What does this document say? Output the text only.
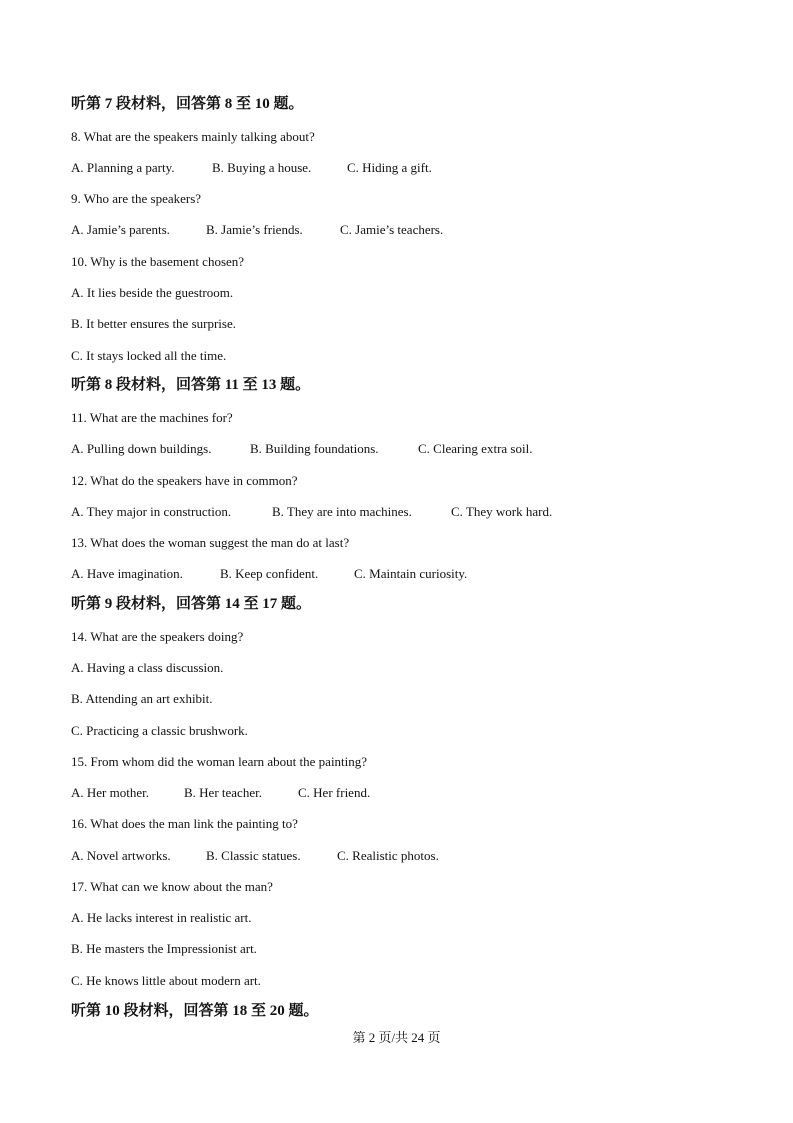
听第 7 段材料，回答第 8 至 10 题。
8. What are the speakers mainly talking about?
A. Planning a party.	B. Buying a house.	C. Hiding a gift.
9. Who are the speakers?
A. Jamie’s parents.	B. Jamie’s friends.	C. Jamie’s teachers.
10. Why is the basement chosen?
A. It lies beside the guestroom.
B. It better ensures the surprise.
C. It stays locked all the time.
听第 8 段材料，回答第 11 至 13 题。
11. What are the machines for?
A. Pulling down buildings.	B. Building foundations.	C. Clearing extra soil.
12. What do the speakers have in common?
A. They major in construction.	B. They are into machines.	C. They work hard.
13. What does the woman suggest the man do at last?
A. Have imagination.	B. Keep confident.	C. Maintain curiosity.
听第 9 段材料，回答第 14 至 17 题。
14. What are the speakers doing?
A. Having a class discussion.
B. Attending an art exhibit.
C. Practicing a classic brushwork.
15. From whom did the woman learn about the painting?
A. Her mother.	B. Her teacher.	C. Her friend.
16. What does the man link the painting to?
A. Novel artworks.	B. Classic statues.	C. Realistic photos.
17. What can we know about the man?
A. He lacks interest in realistic art.
B. He masters the Impressionist art.
C. He knows little about modern art.
听第 10 段材料，回答第 18 至 20 题。
第 2 页/共 24 页
